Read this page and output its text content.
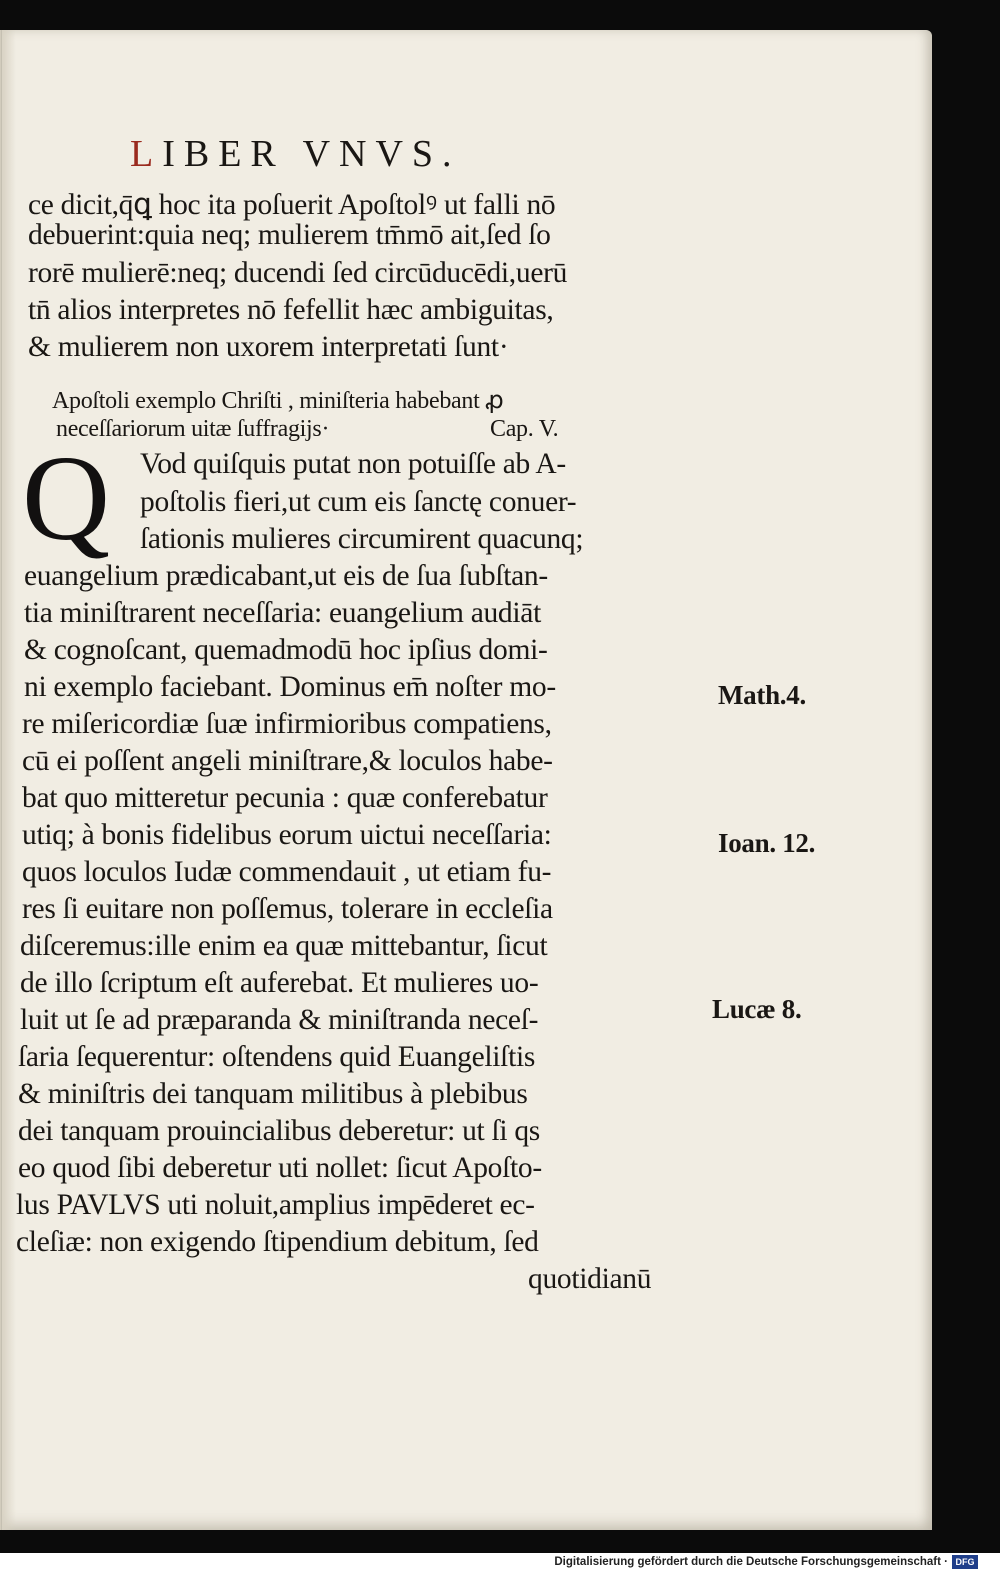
LIBER VNVS.
ce dicit,q̄ꝗ hoc ita poſuerit Apoſtolꝰ ut falli nō
debuerint:quia neq; mulierem tm̄mō ait,ſed ſo
rorē mulierē:neq; ducendi ſed circūducēdi,uerū
tn̄ alios interpretes nō fefellit hæc ambiguitas,
& mulierem non uxorem interpretati ſunt·
Apoſtoli exemplo Chriſti , miniſteria habebant ꝓ
neceſſariorum uitæ ſuffragijs·	Cap. V.
Q Vod quiſquis putat non potuiſſe ab A-
poſtolis fieri,ut cum eis ſanctę conuer-
ſationis mulieres circumirent quacunq;
euangelium prædicabant,ut eis de ſua ſubſtan-
tia miniſtrarent neceſſaria: euangelium audiāt
& cognoſcant, quemadmodū hoc ipſius domi-
ni exemplo faciebant. Dominus em̄ noſter mo-
re miſericordiæ ſuæ infirmioribus compatiens,
cū ei poſſent angeli miniſtrare,& loculos habe-
bat quo mitteretur pecunia : quæ conferebatur
utiq; à bonis fidelibus eorum uictui neceſſaria:
quos loculos Iudæ commendauit , ut etiam fu-
res ſi euitare non poſſemus, tolerare in eccleſia
diſceremus:ille enim ea quæ mittebantur, ſicut
de illo ſcriptum eſt auferebat. Et mulieres uo-
luit ut ſe ad præparanda & miniſtranda neceſ-
ſaria ſequerentur: oſtendens quid Euangeliſtis
& miniſtris dei tanquam militibus à plebibus
dei tanquam prouincialibus deberetur: ut ſi qs
eo quod ſibi deberetur uti nollet: ſicut Apoſto-
lus PAVLVS uti noluit,amplius impēderet ec-
cleſiæ: non exigendo ſtipendium debitum, ſed
quotidianū
Math.4.
Ioan. 12.
Lucæ 8.
Digitalisierung gefördert durch die Deutsche Forschungsgemeinschaft · DFG
